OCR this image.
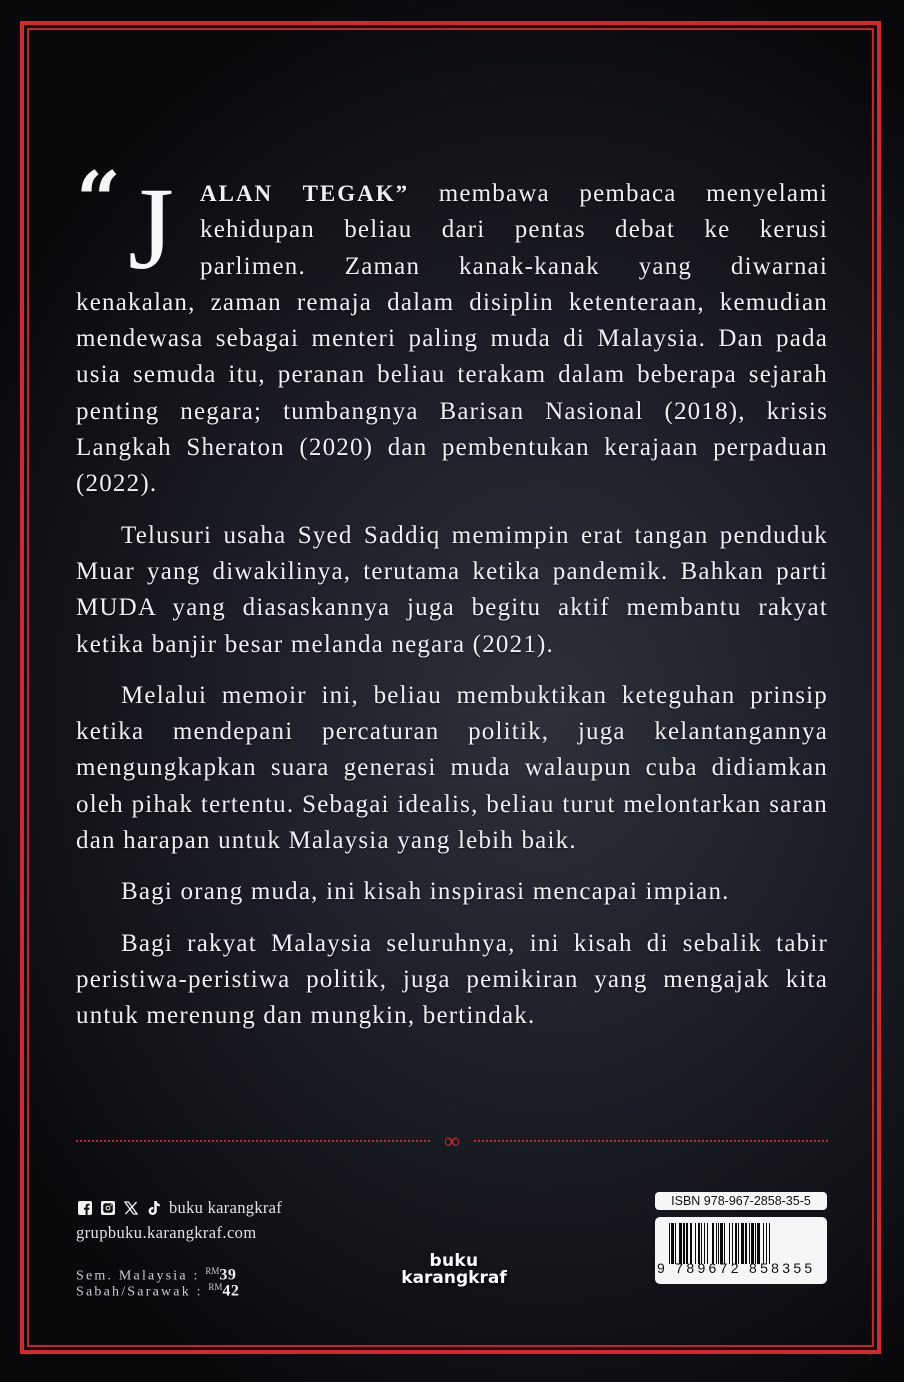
“ J	ALAN TEGAK” membawa pembaca menyelami

kehidupan beliau dari pentas debat ke kerusi

parlimen. Zaman kanak-kanak yang diwarnai

kenakalan, zaman remaja dalam disiplin ketenteraan, kemudian mendewasa sebagai menteri paling muda di Malaysia. Dan pada usia semuda itu, peranan beliau terakam dalam beberapa sejarah penting negara; tumbangnya Barisan Nasional (2018), krisis Langkah Sheraton (2020) dan pembentukan kerajaan perpaduan (2022).

Telusuri usaha Syed Saddiq memimpin erat tangan penduduk Muar yang diwakilinya, terutama ketika pandemik. Bahkan parti MUDA yang diasaskannya juga begitu aktif membantu rakyat ketika banjir besar melanda negara (2021).

Melalui memoir ini, beliau membuktikan keteguhan prinsip ketika mendepani percaturan politik, juga kelantangannya mengungkapkan suara generasi muda walaupun cuba didiamkan oleh pihak tertentu. Sebagai idealis, beliau turut melontarkan saran dan harapan untuk Malaysia yang lebih baik.

Bagi orang muda, ini kisah inspirasi mencapai impian.

Bagi rakyat Malaysia seluruhnya, ini kisah di sebalik tabir peristiwa-peristiwa politik, juga pemikiran yang mengajak kita untuk merenung dan mungkin, bertindak.

∞
buku karangkraf
grupbuku.karangkraf.com
Sem. Malaysia : $^{RM}$39
Sabah/Sarawak : $^{RM}$42
buku
karangkraf
ISBN 978-967-2858-35-5
9 789672 858355
